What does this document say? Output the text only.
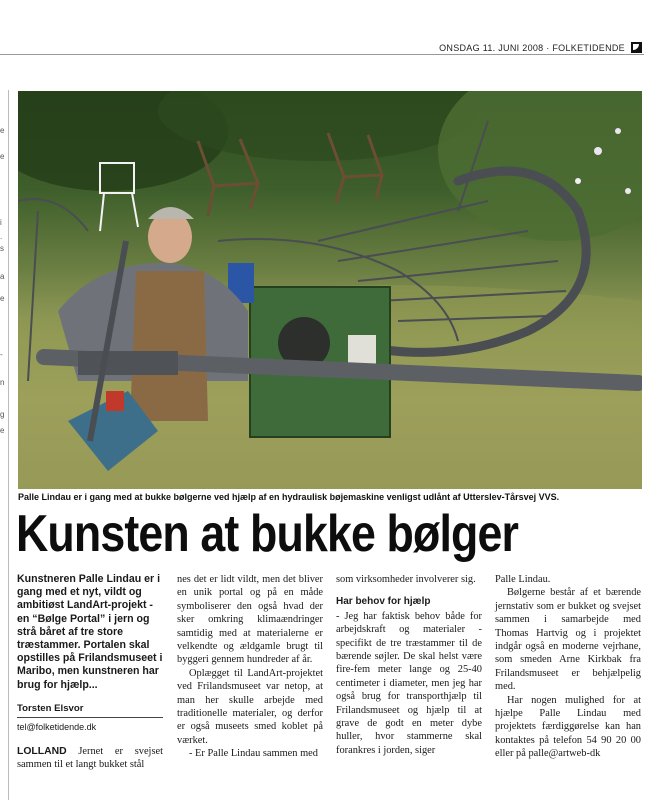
ONSDAG 11. JUNI 2008 · FOLKETIDENDE
e
e
i
.
s
a
e
-
n
g
e
Palle Lindau er i gang med at bukke bølgerne ved hjælp af en hydraulisk bøjemaskine venligst udlånt af Utterslev-Tårsvej VVS.
Kunsten at bukke bølger

Kunstneren Palle Lindau er i gang med et nyt, vildt og ambitiøst LandArt-projekt - en “Bølge Portal” i jern og strå båret af tre store træstammer. Portalen skal opstilles på Frilandsmuseet i Maribo, men kunstneren har brug for hjælp...

Torsten Elsvor
tel@folketidende.dk

LOLLAND Jernet er svejset sammen til et langt bukket stål

nes det er lidt vildt, men det bliver en unik portal og på en måde symboliserer den også hvad der sker omkring klimaændringer samtidig med at materialerne er velkendte og ældgamle brugt til byggeri gennem hundreder af år.

Oplægget til LandArt-projektet ved Frilandsmuseet var netop, at man her skulle arbejde med traditionelle materialer, og derfor er også museets smed koblet på værket.

- Er Palle Lindau sammen med

som virksomheder involverer sig.

Har behov for hjælp

- Jeg har faktisk behov både for arbejdskraft og materialer - specifikt de tre træstammer til de bærende søjler. De skal helst være fire-fem meter lange og 25-40 centimeter i diameter, men jeg har også brug for transporthjælp til Frilandsmuseet og hjælp til at grave de godt en meter dybe huller, hvor stammerne skal forankres i jorden, siger

Palle Lindau.

Bølgerne består af et bærende jernstativ som er bukket og svejset sammen i samarbejde med Thomas Hartvig og i projektet indgår også en moderne vejrhane, som smeden Arne Kirkbak fra Frilandsmuseet er behjælpelig med.

Har nogen mulighed for at hjælpe Palle Lindau med projektets færdiggørelse kan han kontaktes på telefon 54 90 20 00 eller på palle@artweb-dk
